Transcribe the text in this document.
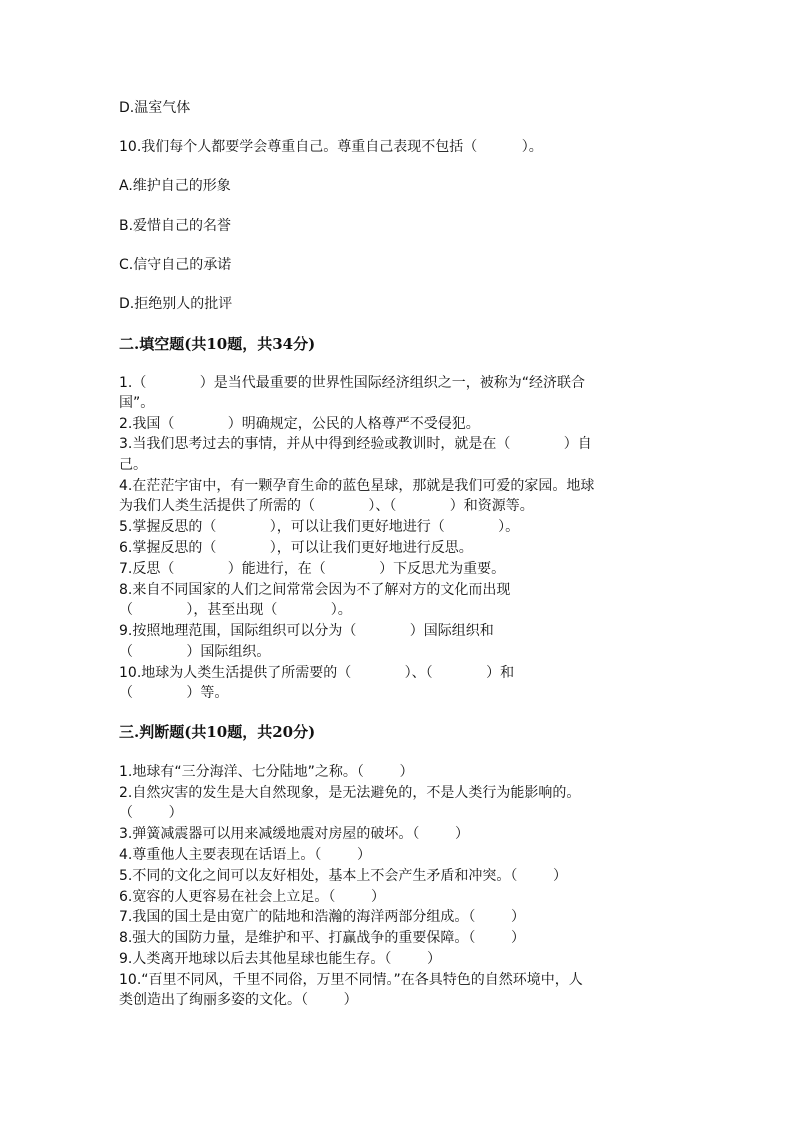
D.温室气体
10.我们每个人都要学会尊重自己。尊重自己表现不包括（          ）。
A.维护自己的形象
B.爱惜自己的名誉
C.信守自己的承诺
D.拒绝别人的批评
二.填空题(共10题，共34分)
1.（            ）是当代最重要的世界性国际经济组织之一，被称为“经济联合
国”。
2.我国（            ）明确规定，公民的人格尊严不受侵犯。
3.当我们思考过去的事情，并从中得到经验或教训时，就是在（            ）自
己。
4.在茫茫宇宙中，有一颗孕育生命的蓝色星球，那就是我们可爱的家园。地球
为我们人类生活提供了所需的（            ）、（            ）和资源等。
5.掌握反思的（            ），可以让我们更好地进行（            ）。
6.掌握反思的（            ），可以让我们更好地进行反思。
7.反思（            ）能进行，在（            ）下反思尤为重要。
8.来自不同国家的人们之间常常会因为不了解对方的文化而出现
（            ），甚至出现（            ）。
9.按照地理范围，国际组织可以分为（            ）国际组织和
（            ）国际组织。
10.地球为人类生活提供了所需要的（            ）、（            ）和
（            ）等。
三.判断题(共10题，共20分)
1.地球有“三分海洋、七分陆地”之称。（        ）
2.自然灾害的发生是大自然现象，是无法避免的，不是人类行为能影响的。
（        ）
3.弹簧减震器可以用来减缓地震对房屋的破坏。（        ）
4.尊重他人主要表现在话语上。（        ）
5.不同的文化之间可以友好相处，基本上不会产生矛盾和冲突。（        ）
6.宽容的人更容易在社会上立足。（        ）
7.我国的国土是由宽广的陆地和浩瀚的海洋两部分组成。（        ）
8.强大的国防力量，是维护和平、打赢战争的重要保障。（        ）
9.人类离开地球以后去其他星球也能生存。（        ）
10.“百里不同风，千里不同俗，万里不同情。”在各具特色的自然环境中，人
类创造出了绚丽多姿的文化。（        ）
